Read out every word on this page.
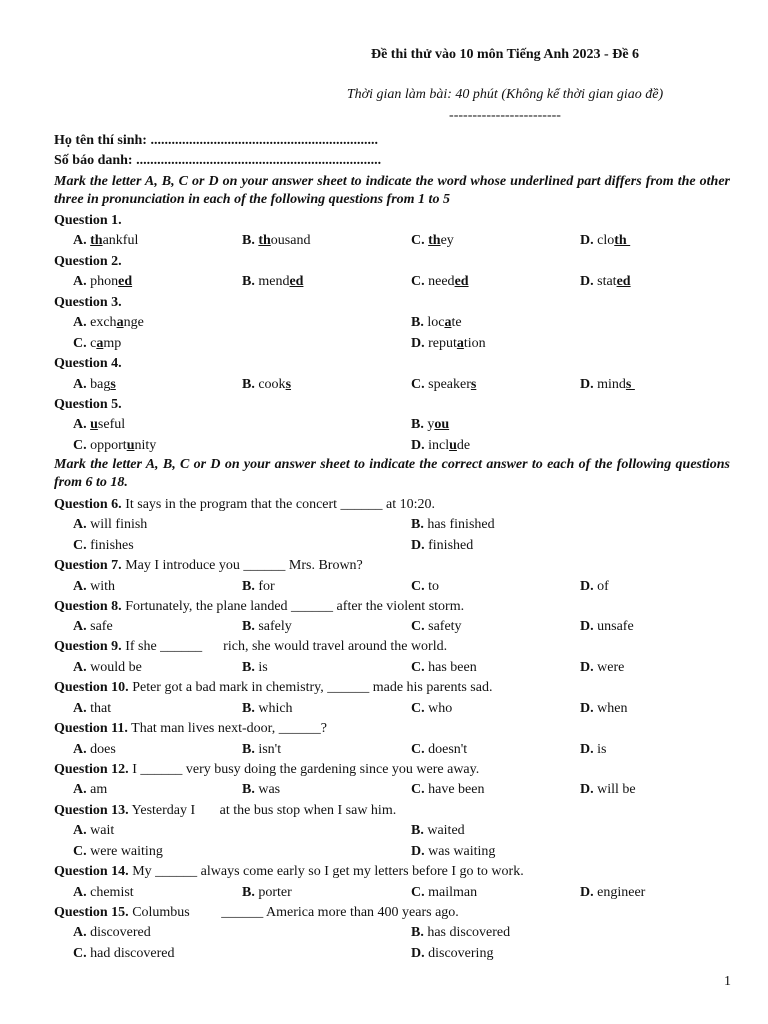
Đề thi thử vào 10 môn Tiếng Anh 2023 - Đề 6
Thời gian làm bài: 40 phút (Không kể thời gian giao đề)
------------------------
Họ tên thí sinh: .................................................................
Số báo danh: ......................................................................
Mark the letter A, B, C or D on your answer sheet to indicate the word whose underlined part differs from the other three in pronunciation in each of the following questions from 1 to 5
Mark the letter A, B, C or D on your answer sheet to indicate the correct answer to each of the following questions from 6 to 18.
Question 1.
A. thankful	B. thousand	C. they	D. cloth
Question 2.
A. phoned	B. mended	C. needed	D. stated
Question 3.
A. exchange	B. locate
C. camp	D. reputation
Question 4.
A. bags	B. cooks	C. speakers	D. minds
Question 5.
A. useful	B. you
C. opportunity	D. include
Question 6. It says in the program that the concert ______ at 10:20.
A. will finish	B. has finished
C. finishes	D. finished
Question 7. May I introduce you ______ Mrs. Brown?
A. with	B. for	C. to	D. of
Question 8. Fortunately, the plane landed ______ after the violent storm.
A. safe	B. safely	C. safety	D. unsafe
Question 9. If she ______      rich, she would travel around the world.
A. would be	B. is	C. has been	D. were
Question 10. Peter got a bad mark in chemistry, ______ made his parents sad.
A. that	B. which	C. who	D. when
Question 11. That man lives next-door, ______?
A. does	B. isn't	C. doesn't	D. is
Question 12. I ______ very busy doing the gardening since you were away.
A. am	B. was	C. have been	D. will be
Question 13. Yesterday I       at the bus stop when I saw him.
A. wait	B. waited
C. were waiting	D. was waiting
Question 14. My ______ always come early so I get my letters before I go to work.
A. chemist	B. porter	C. mailman	D. engineer
Question 15. Columbus         ______ America more than 400 years ago.
A. discovered	B. has discovered
C. had discovered	D. discovering
1
